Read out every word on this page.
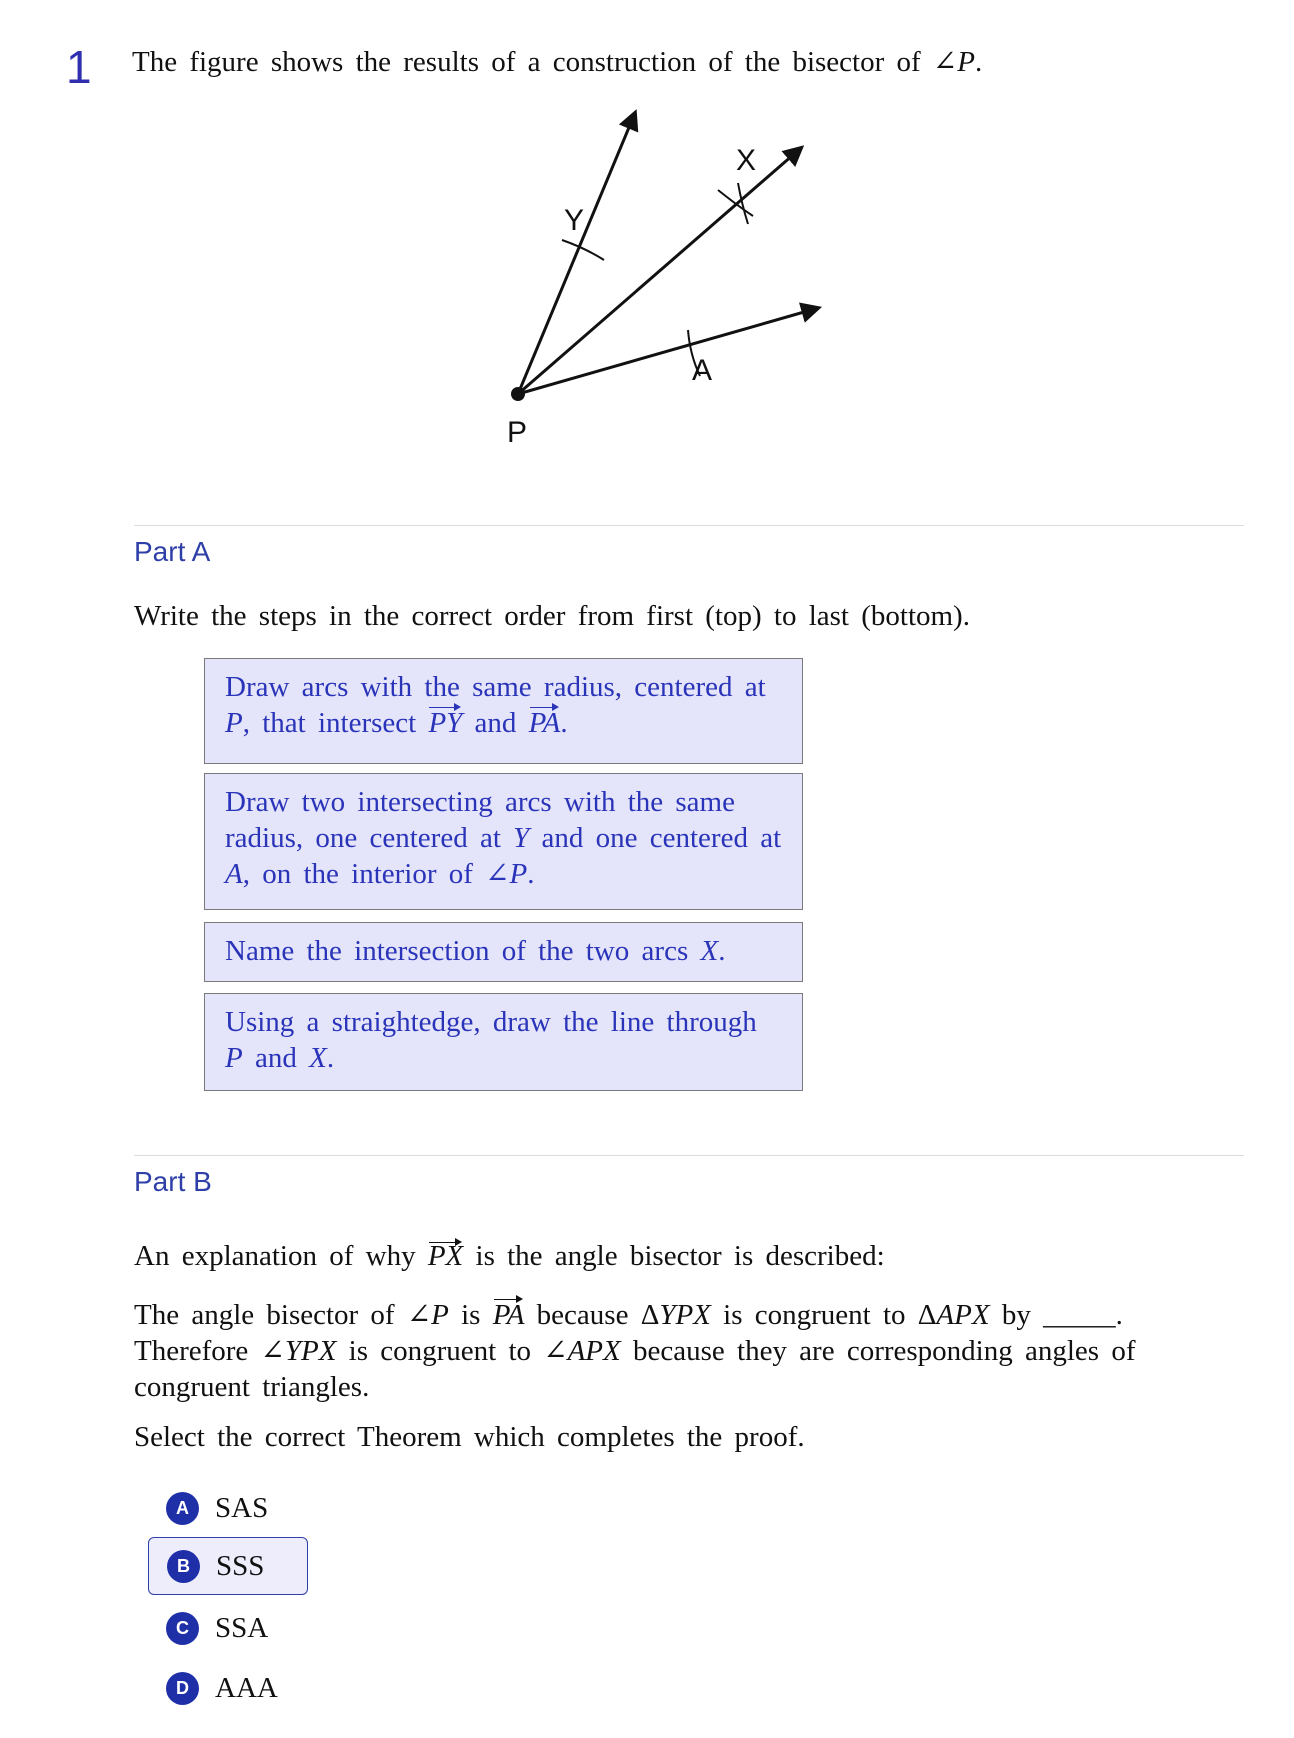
1 The figure shows the results of a construction of the bisector of ∠P.
Y
X
A
P
Part A
Write the steps in the correct order from first (top) to last (bottom).
Draw arcs with the same radius, centered at P, that intersect PY and PA.
Draw two intersecting arcs with the same radius, one centered at Y and one centered at A, on the interior of ∠P.
Name the intersection of the two arcs X.
Using a straightedge, draw the line through P and X.
Part B
An explanation of why PX is the angle bisector is described:
The angle bisector of ∠P is PA because ΔYPX is congruent to ΔAPX by _____. Therefore ∠YPX is congruent to ∠APX because they are corresponding angles of congruent triangles.
Select the correct Theorem which completes the proof.
A SAS
B SSS
C SSA
D AAA
